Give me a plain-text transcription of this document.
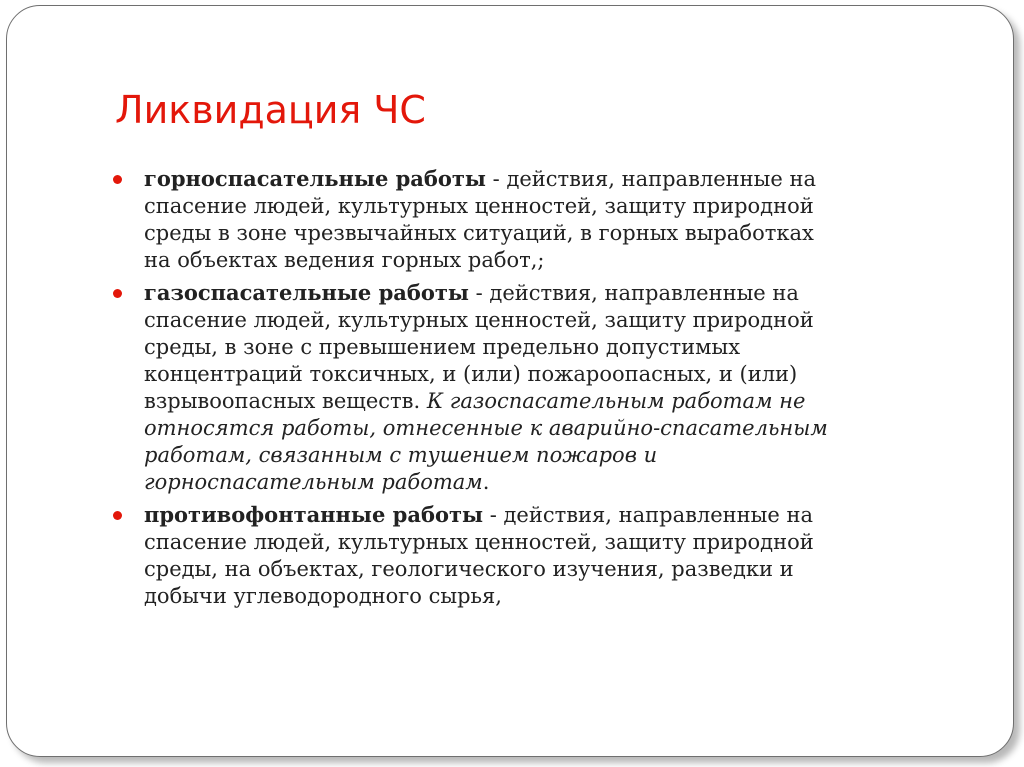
Ликвидация ЧС
горноспасательные работы - действия, направленные на
спасение людей, культурных ценностей, защиту природной
среды в зоне чрезвычайных ситуаций, в горных выработках
на объектах ведения горных работ,;
газоспасательные работы - действия, направленные на
спасение людей, культурных ценностей, защиту природной
среды, в зоне с превышением предельно допустимых
концентраций токсичных, и (или) пожароопасных, и (или)
взрывоопасных веществ. К газоспасательным работам не
относятся работы, отнесенные к аварийно-спасательным
работам, связанным с тушением пожаров и
горноспасательным работам.
противофонтанные работы - действия, направленные на
спасение людей, культурных ценностей, защиту природной
среды, на объектах, геологического изучения, разведки и
добычи углеводородного сырья,
